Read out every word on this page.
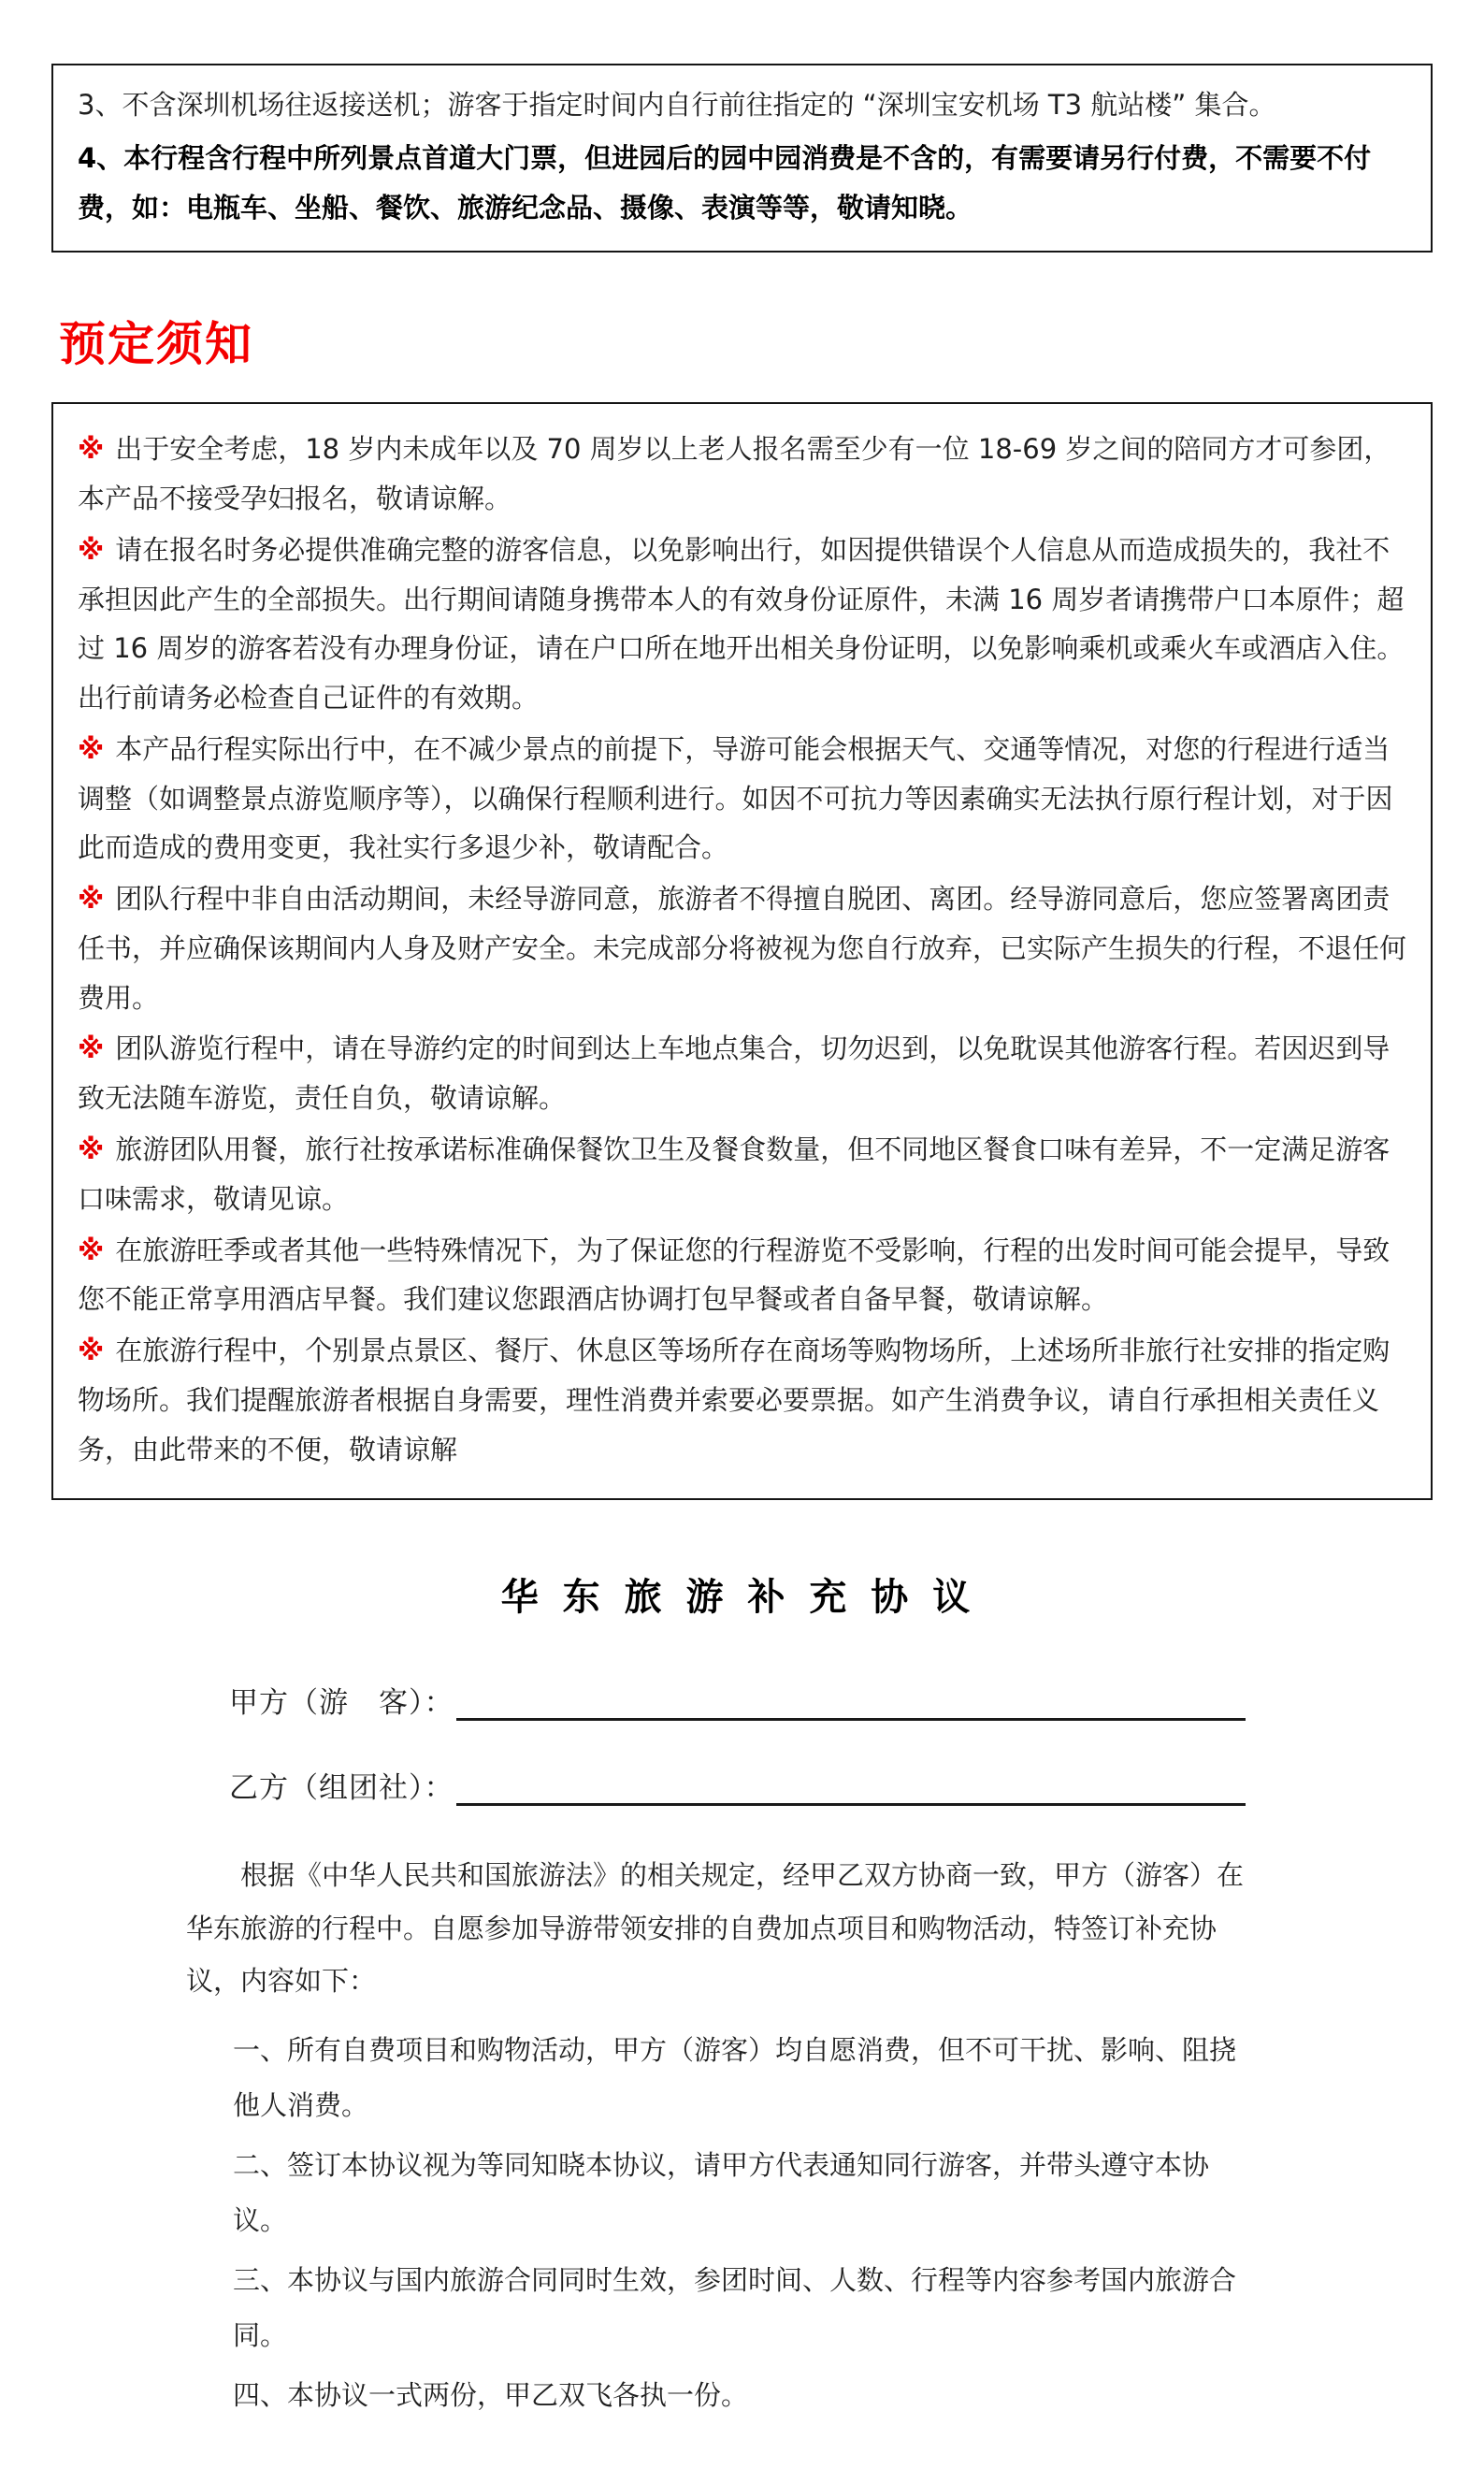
3、不含深圳机场往返接送机；游客于指定时间内自行前往指定的 “深圳宝安机场 T3 航站楼” 集合。

4、本行程含行程中所列景点首道大门票，但进园后的园中园消费是不含的，有需要请另行付费，不需要不付费，如：电瓶车、坐船、餐饮、旅游纪念品、摄像、表演等等，敬请知晓。

预定须知

※ 出于安全考虑，18 岁内未成年以及 70 周岁以上老人报名需至少有一位 18-69 岁之间的陪同方才可参团，本产品不接受孕妇报名，敬请谅解。

※ 请在报名时务必提供准确完整的游客信息，以免影响出行，如因提供错误个人信息从而造成损失的，我社不承担因此产生的全部损失。出行期间请随身携带本人的有效身份证原件，未满 16 周岁者请携带户口本原件；超过 16 周岁的游客若没有办理身份证，请在户口所在地开出相关身份证明，以免影响乘机或乘火车或酒店入住。出行前请务必检查自己证件的有效期。

※ 本产品行程实际出行中，在不减少景点的前提下，导游可能会根据天气、交通等情况，对您的行程进行适当调整（如调整景点游览顺序等），以确保行程顺利进行。如因不可抗力等因素确实无法执行原行程计划，对于因此而造成的费用变更，我社实行多退少补，敬请配合。

※ 团队行程中非自由活动期间，未经导游同意，旅游者不得擅自脱团、离团。经导游同意后，您应签署离团责任书，并应确保该期间内人身及财产安全。未完成部分将被视为您自行放弃，已实际产生损失的行程，不退任何费用。

※ 团队游览行程中，请在导游约定的时间到达上车地点集合，切勿迟到，以免耽误其他游客行程。若因迟到导致无法随车游览，责任自负，敬请谅解。

※ 旅游团队用餐，旅行社按承诺标准确保餐饮卫生及餐食数量，但不同地区餐食口味有差异，不一定满足游客口味需求，敬请见谅。

※ 在旅游旺季或者其他一些特殊情况下，为了保证您的行程游览不受影响，行程的出发时间可能会提早，导致您不能正常享用酒店早餐。我们建议您跟酒店协调打包早餐或者自备早餐，敬请谅解。

※ 在旅游行程中，个别景点景区、餐厅、休息区等场所存在商场等购物场所，上述场所非旅行社安排的指定购物场所。我们提醒旅游者根据自身需要，理性消费并索要必要票据。如产生消费争议，请自行承担相关责任义务，由此带来的不便，敬请谅解

华 东 旅 游 补 充 协 议
甲方（游　客）：
乙方（组团社）：

根据《中华人民共和国旅游法》的相关规定，经甲乙双方协商一致，甲方（游客）在华东旅游的行程中。自愿参加导游带领安排的自费加点项目和购物活动，特签订补充协议，内容如下：

一、所有自费项目和购物活动，甲方（游客）均自愿消费，但不可干扰、影响、阻挠他人消费。

二、签订本协议视为等同知晓本协议，请甲方代表通知同行游客，并带头遵守本协议。

三、本协议与国内旅游合同同时生效，参团时间、人数、行程等内容参考国内旅游合同。

四、本协议一式两份，甲乙双飞各执一份。
